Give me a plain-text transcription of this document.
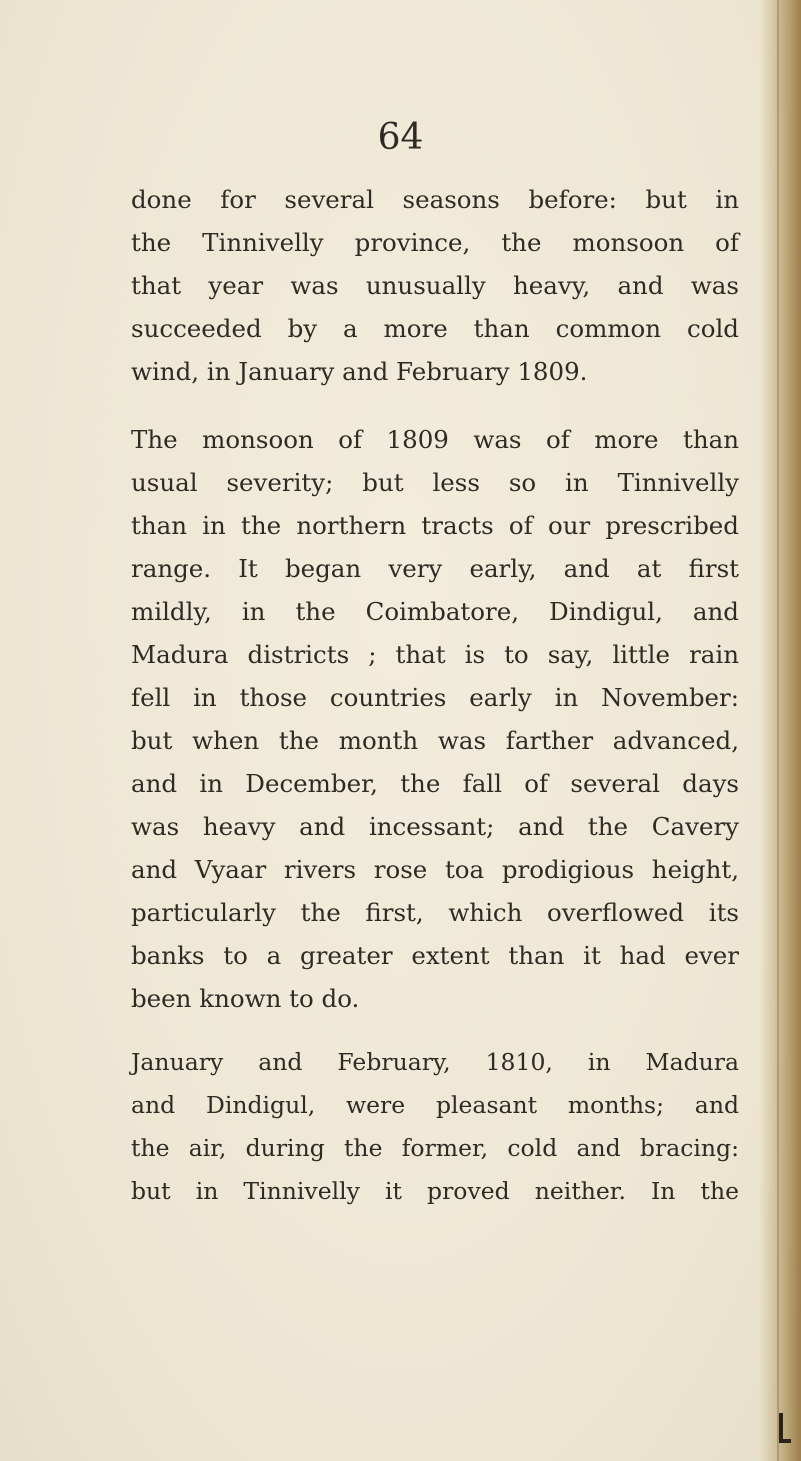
64
done for several seasons before: but in
the Tinnivelly province, the monsoon of
that year was unusually heavy, and was
succeeded by a more than common cold
wind, in January and February 1809.
The monsoon of 1809 was of more than
usual severity; but less so in Tinnivelly
than in the northern tracts of our prescribed
range. It began very early, and at first
mildly, in the Coimbatore, Dindigul, and
Madura districts ; that is to say, little rain
fell in those countries early in November:
but when the month was farther advanced,
and in December, the fall of several days
was heavy and incessant; and the Cavery
and Vyaar rivers rose toa prodigious height,
particularly the first, which overflowed its
banks to a greater extent than it had ever
been known to do.
January and February, 1810, in Madura
and Dindigul, were pleasant months; and
the air, during the former, cold and bracing:
but in Tinnivelly it proved neither. In the
